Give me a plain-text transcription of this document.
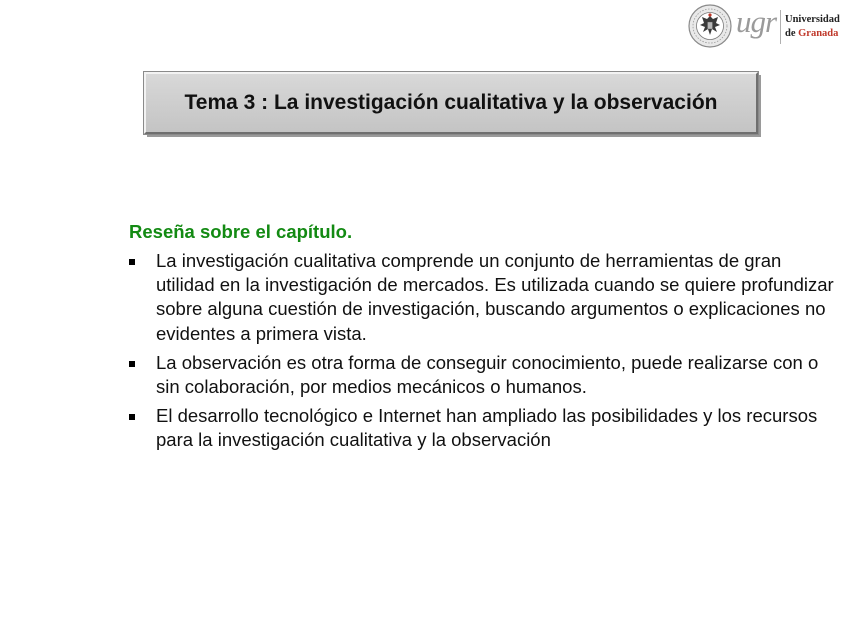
ugr Universidad
de Granada
Tema 3 : La investigación cualitativa y la observación
Reseña sobre el capítulo.
La investigación cualitativa comprende un conjunto de herramientas de gran utilidad en la investigación de mercados. Es utilizada cuando se quiere profundizar sobre alguna cuestión de investigación, buscando argumentos o explicaciones no evidentes a primera vista.
La observación es otra forma de conseguir conocimiento, puede realizarse con o sin colaboración, por medios mecánicos o humanos.
El desarrollo tecnológico e Internet han ampliado las posibilidades y los recursos para la investigación cualitativa y la observación
